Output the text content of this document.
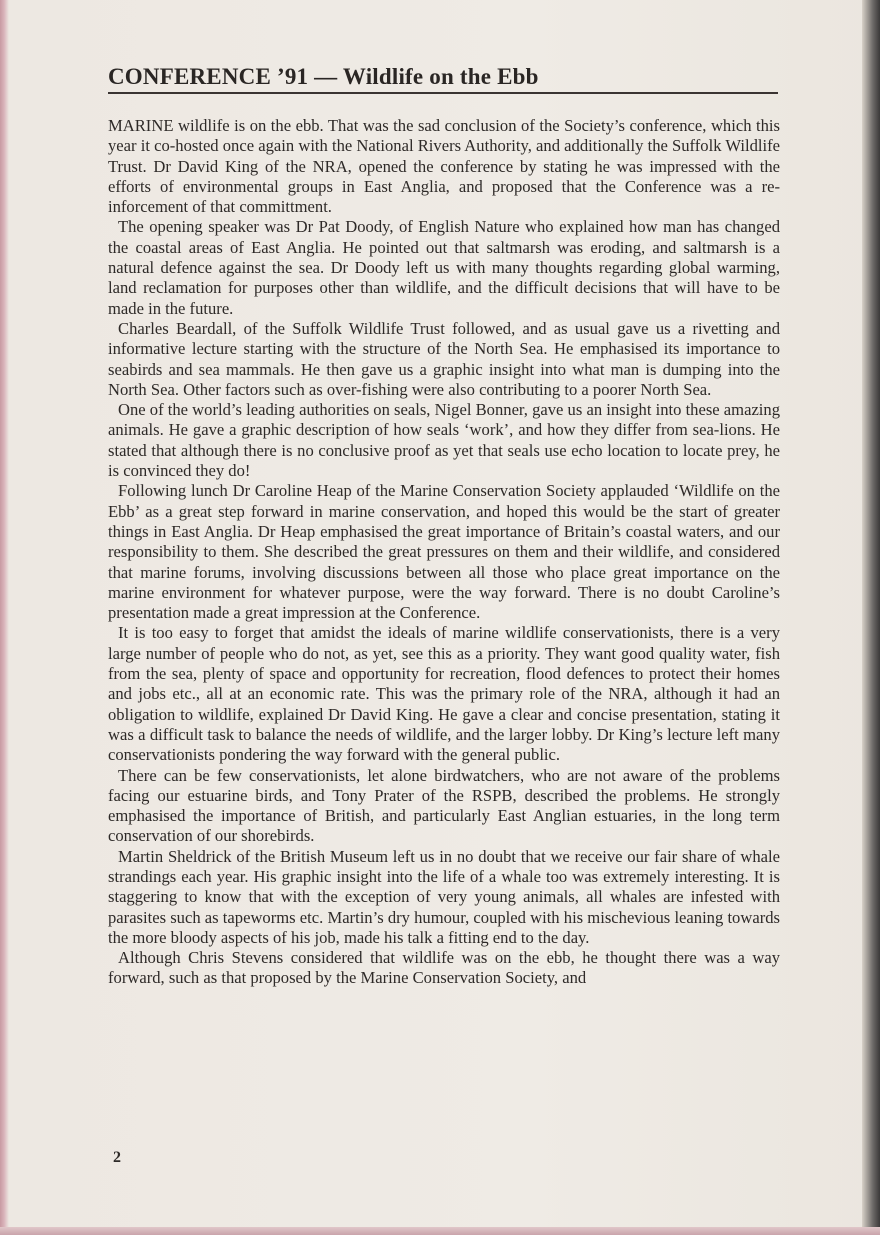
CONFERENCE ’91 — Wildlife on the Ebb

MARINE wildlife is on the ebb. That was the sad conclusion of the Society’s conference, which this year it co-hosted once again with the National Rivers Authority, and additionally the Suffolk Wildlife Trust. Dr David King of the NRA, opened the conference by stating he was impressed with the efforts of environmental groups in East Anglia, and proposed that the Conference was a re-inforcement of that committment.

The opening speaker was Dr Pat Doody, of English Nature who explained how man has changed the coastal areas of East Anglia. He pointed out that saltmarsh was eroding, and saltmarsh is a natural defence against the sea. Dr Doody left us with many thoughts regarding global warming, land reclamation for purposes other than wildlife, and the difficult decisions that will have to be made in the future.

Charles Beardall, of the Suffolk Wildlife Trust followed, and as usual gave us a rivetting and informative lecture starting with the structure of the North Sea. He emphasised its importance to seabirds and sea mammals. He then gave us a graphic insight into what man is dumping into the North Sea. Other factors such as over-fishing were also contributing to a poorer North Sea.

One of the world’s leading authorities on seals, Nigel Bonner, gave us an insight into these amazing animals. He gave a graphic description of how seals ‘work’, and how they differ from sea-lions. He stated that although there is no conclusive proof as yet that seals use echo location to locate prey, he is convinced they do!

Following lunch Dr Caroline Heap of the Marine Conservation Society applauded ‘Wildlife on the Ebb’ as a great step forward in marine conservation, and hoped this would be the start of greater things in East Anglia. Dr Heap emphasised the great importance of Britain’s coastal waters, and our responsibility to them. She described the great pressures on them and their wildlife, and considered that marine forums, involving discussions between all those who place great importance on the marine environment for whatever purpose, were the way forward. There is no doubt Caroline’s presentation made a great impression at the Conference.

It is too easy to forget that amidst the ideals of marine wildlife conservationists, there is a very large number of people who do not, as yet, see this as a priority. They want good quality water, fish from the sea, plenty of space and opportunity for recreation, flood defences to protect their homes and jobs etc., all at an economic rate. This was the primary role of the NRA, although it had an obligation to wildlife, explained Dr David King. He gave a clear and concise presentation, stating it was a difficult task to balance the needs of wildlife, and the larger lobby. Dr King’s lecture left many conservationists pondering the way forward with the general public.

There can be few conservationists, let alone birdwatchers, who are not aware of the problems facing our estuarine birds, and Tony Prater of the RSPB, described the problems. He strongly emphasised the importance of British, and particularly East Anglian estuaries, in the long term conservation of our shorebirds.

Martin Sheldrick of the British Museum left us in no doubt that we receive our fair share of whale strandings each year. His graphic insight into the life of a whale too was extremely interesting. It is staggering to know that with the exception of very young animals, all whales are infested with parasites such as tapeworms etc. Martin’s dry humour, coupled with his mischevious leaning towards the more bloody aspects of his job, made his talk a fitting end to the day.

Although Chris Stevens considered that wildlife was on the ebb, he thought there was a way forward, such as that proposed by the Marine Conservation Society, and

2
